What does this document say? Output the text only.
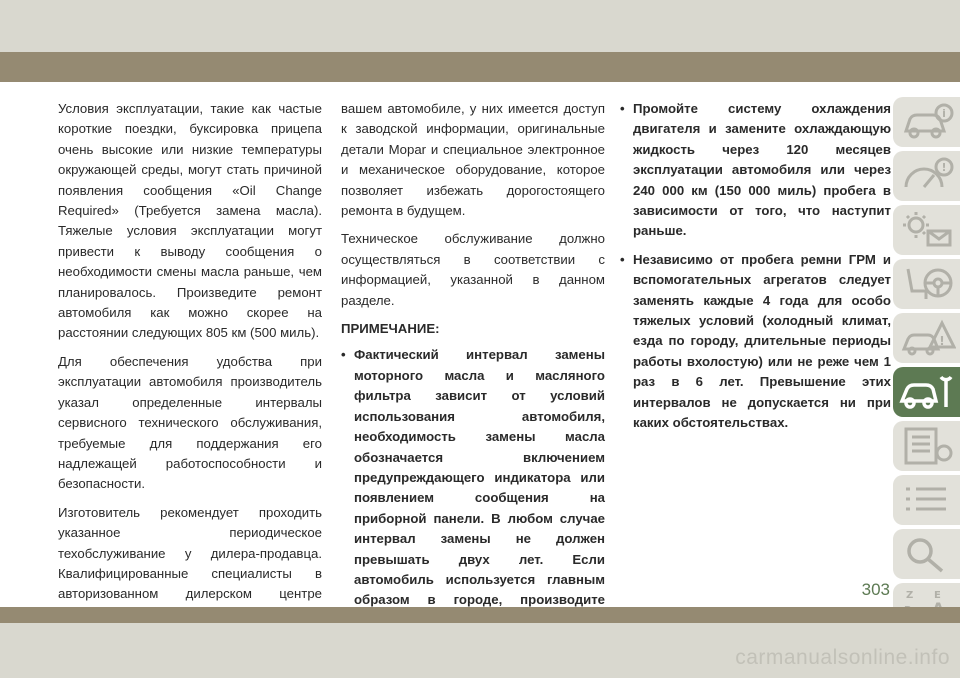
Условия эксплуатации, такие как частые короткие поездки, буксировка прицепа очень высокие или низкие температуры окружающей среды, могут стать причиной появления сообщения «Oil Change Required» (Требуется замена масла). Тяжелые условия эксплуатации могут привести к выводу сообщения о необходимости смены масла раньше, чем планировалось. Произведите ремонт автомобиля как можно скорее на расстоянии следующих 805 км (500 миль).

Для обеспечения удобства при эксплуатации автомобиля производитель указал определенные интервалы сервисного технического обслуживания, требуемые для поддержания его надлежащей работоспособности и безопасности.

Изготовитель рекомендует проходить указанное периодическое техобслуживание у дилера-продавца. Квалифицированные специалисты в авторизованном дилерском центре

вашем автомобиле, у них имеется доступ к заводской информации, оригинальные детали Mopar и специальное электронное и механическое оборудование, которое позволяет избежать дорогостоящего ремонта в будущем.

Техническое обслуживание должно осуществляться в соответствии с информацией, указанной в данном разделе.

ПРИМЕЧАНИЕ:
• Фактический интервал замены моторного масла и масляного фильтра зависит от условий использования автомобиля, необходимость замены масла обозначается включением предупреждающего индикатора или появлением сообщения на приборной панели. В любом случае интервал замены не должен превышать двух лет. Если автомобиль используется главным образом в городе, производите
• Промойте систему охлаждения двигателя и замените охлаждающую жидкость через 120 месяцев эксплуатации автомобиля или через 240 000 км (150 000 миль) пробега в зависимости от того, что наступит раньше.
• Независимо от пробега ремни ГРМ и вспомогательных агрегатов следует заменять каждые 4 года для особо тяжелых условий (холодный климат, езда по городу, длительные периоды работы вхолостую) или не реже чем 1 раз в 6 лет. Превышение этих интервалов не допускается ни при каких обстоятельствах.
i
!
!
Z E
303
carmanualsonline.info
